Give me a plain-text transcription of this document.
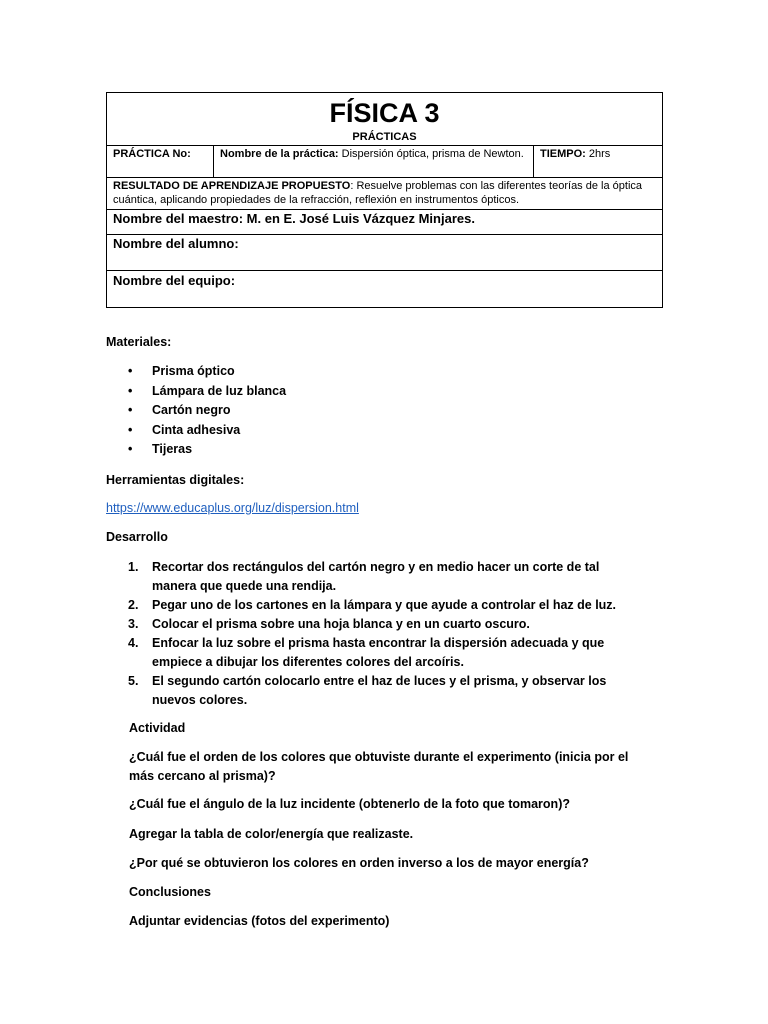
FÍSICA 3
PRÁCTICAS

PRÁCTICA No:	Nombre de la práctica: Dispersión óptica, prisma de Newton.	TIEMPO: 2hrs
RESULTADO DE APRENDIZAJE PROPUESTO: Resuelve problemas con las diferentes teorías de la óptica cuántica, aplicando propiedades de la refracción, reflexión en instrumentos ópticos.
Nombre del maestro: M. en E. José Luis Vázquez Minjares.
Nombre del alumno:
Nombre del equipo:
Materiales:
• Prisma óptico
• Lámpara de luz blanca
• Cartón negro
• Cinta adhesiva
• Tijeras
Herramientas digitales:
https://www.educaplus.org/luz/dispersion.html
Desarrollo
1. Recortar dos rectángulos del cartón negro y en medio hacer un corte de tal manera que quede una rendija.
2. Pegar uno de los cartones en la lámpara y que ayude a controlar el haz de luz.
3. Colocar el prisma sobre una hoja blanca y en un cuarto oscuro.
4. Enfocar la luz sobre el prisma hasta encontrar la dispersión adecuada y que empiece a dibujar los diferentes colores del arcoíris.
5. El segundo cartón colocarlo entre el haz de luces y el prisma, y observar los nuevos colores.
Actividad
¿Cuál fue el orden de los colores que obtuviste durante el experimento (inicia por el más cercano al prisma)?
¿Cuál fue el ángulo de la luz incidente (obtenerlo de la foto que tomaron)?
Agregar la tabla de color/energía que realizaste.
¿Por qué se obtuvieron los colores en orden inverso a los de mayor energía?
Conclusiones
Adjuntar evidencias (fotos del experimento)
